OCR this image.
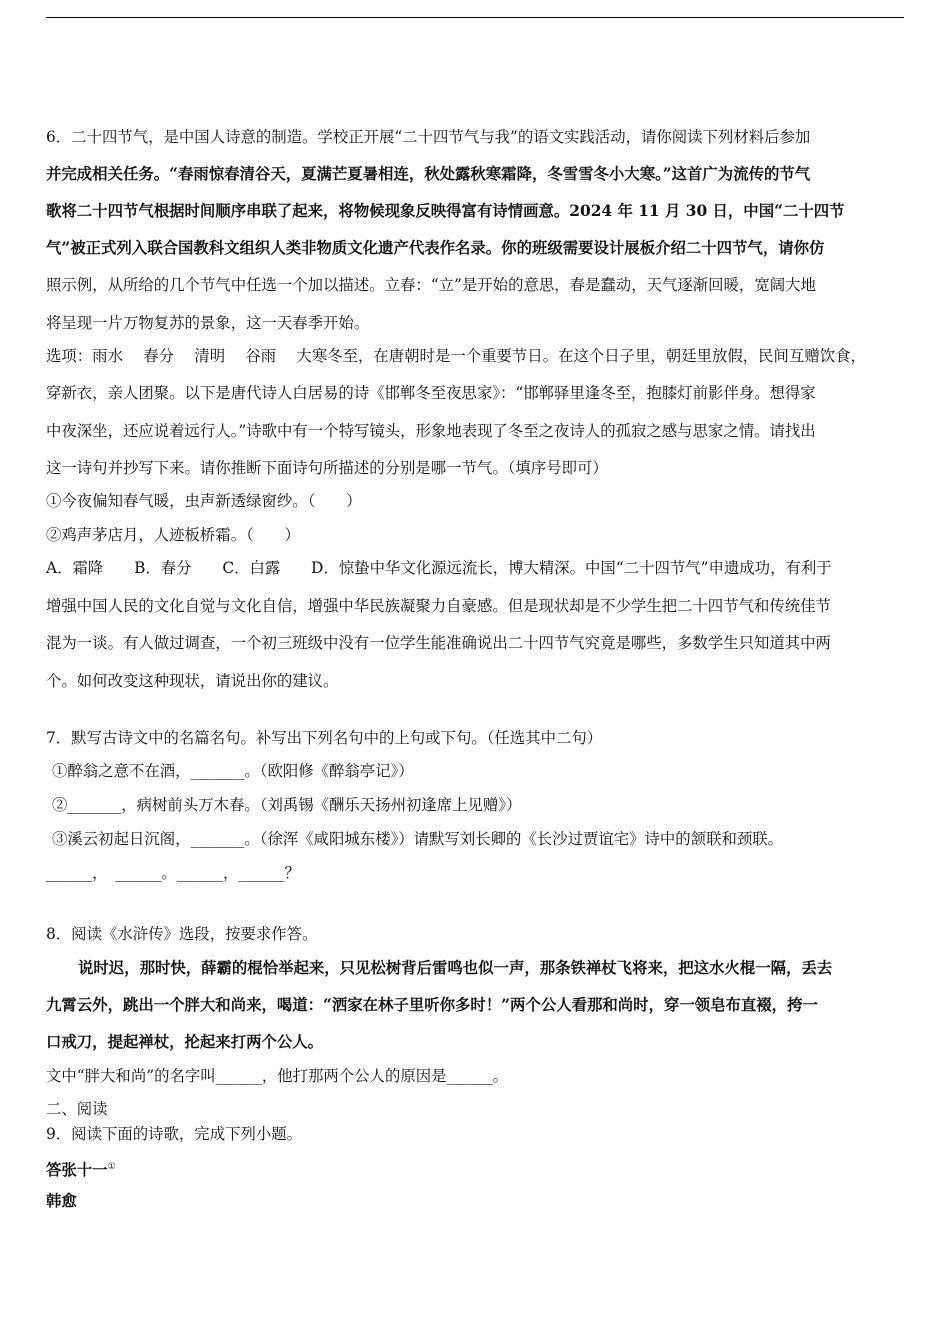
6．二十四节气，是中国人诗意的制造。学校正开展“二十四节气与我”的语文实践活动，请你阅读下列材料后参加
并完成相关任务。“春雨惊春清谷天，夏满芒夏暑相连，秋处露秋寒霜降，冬雪雪冬小大寒。”这首广为流传的节气
歌将二十四节气根据时间顺序串联了起来，将物候现象反映得富有诗情画意。2024 年 11 月 30 日，中国“二十四节
气”被正式列入联合国教科文组织人类非物质文化遗产代表作名录。你的班级需要设计展板介绍二十四节气，请你仿
照示例，从所给的几个节气中任选一个加以描述。立春：“立”是开始的意思，春是蠢动，天气逐渐回暖，宽阔大地
将呈现一片万物复苏的景象，这一天春季开始。
选项：雨水　 春分　 清明　 谷雨　 大寒冬至，在唐朝时是一个重要节日。在这个日子里，朝廷里放假，民间互赠饮食，
穿新衣，亲人团聚。以下是唐代诗人白居易的诗《邯郸冬至夜思家》：“邯郸驿里逢冬至，抱膝灯前影伴身。想得家
中夜深坐，还应说着远行人。”诗歌中有一个特写镜头，形象地表现了冬至之夜诗人的孤寂之感与思家之情。请找出
这一诗句并抄写下来。请你推断下面诗句所描述的分别是哪一节气。（填序号即可）
①今夜偏知春气暖，虫声新透绿窗纱。（　　）
②鸡声茅店月，人迹板桥霜。（　　）
A．霜降　　B．春分　　C．白露　　D．惊蛰中华文化源远流长，博大精深。中国“二十四节气”申遗成功，有利于
增强中国人民的文化自觉与文化自信，增强中华民族凝聚力自豪感。但是现状却是不少学生把二十四节气和传统佳节
混为一谈。有人做过调查，一个初三班级中没有一位学生能准确说出二十四节气究竟是哪些，多数学生只知道其中两
个。如何改变这种现状，请说出你的建议。
7．默写古诗文中的名篇名句。补写出下列名句中的上句或下句。（任选其中二句）
①醉翁之意不在酒，_______。（欧阳修《醉翁亭记》）
②_______，病树前头万木春。（刘禹锡《酬乐天扬州初逢席上见赠》）
③溪云初起日沉阁，_______。（徐浑《咸阳城东楼》）请默写刘长卿的《长沙过贾谊宅》诗中的颔联和颈联。
______，　______。______，______？
8．阅读《水浒传》选段，按要求作答。
说时迟，那时快，薛霸的棍恰举起来，只见松树背后雷鸣也似一声，那条铁禅杖飞将来，把这水火棍一隔，丢去
九霄云外，跳出一个胖大和尚来，喝道：“洒家在林子里听你多时！”两个公人看那和尚时，穿一领皂布直裰，挎一
口戒刀，提起禅杖，抡起来打两个公人。
文中“胖大和尚”的名字叫______，他打那两个公人的原因是______。
二、阅读
9．阅读下面的诗歌，完成下列小题。
答张十一①
韩愈
